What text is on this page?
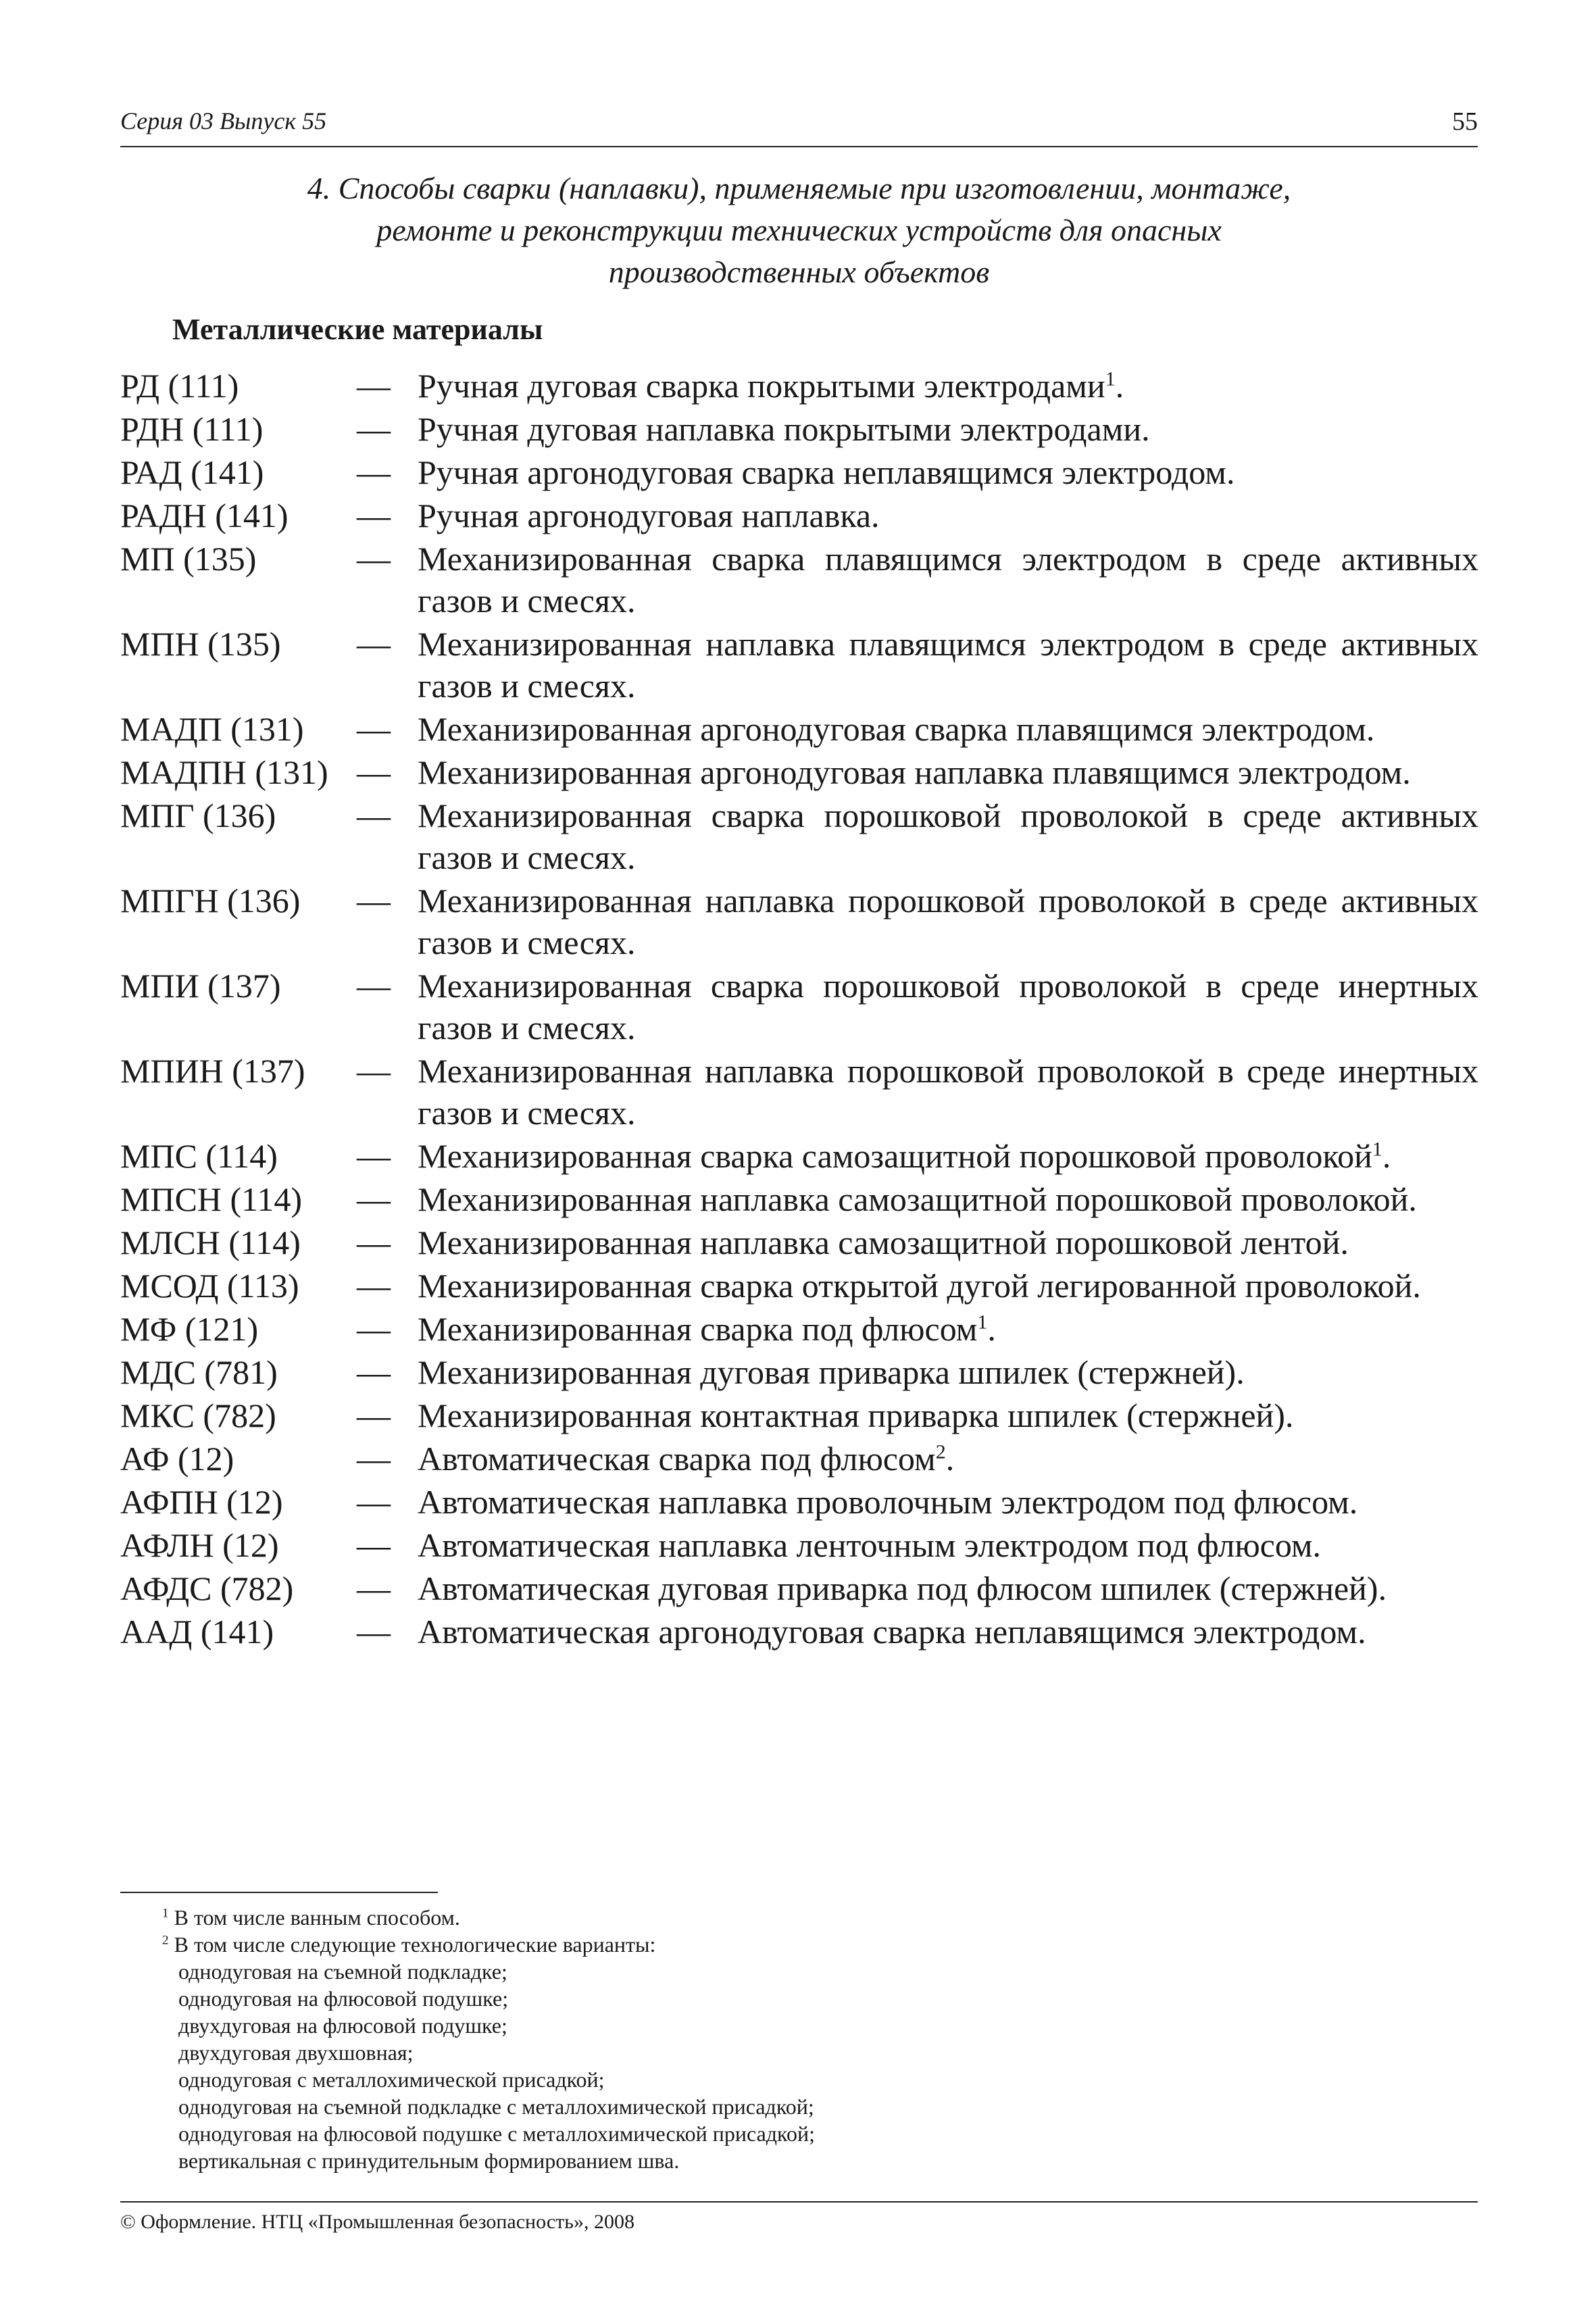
Серия 03 Выпуск 55	55
4. Способы сварки (наплавки), применяемые при изготовлении, монтаже,
ремонте и реконструкции технических устройств для опасных
производственных объектов
Металлические материалы
РД (111)	— Ручная дуговая сварка покрытыми электродами$^1$.
РДН (111)	— Ручная дуговая наплавка покрытыми электродами.
РАД (141)	— Ручная аргонодуговая сварка неплавящимся электродом.
РАДН (141) — Ручная аргонодуговая наплавка.
МП (135)	— Механизированная сварка плавящимся электродом в среде активных газов и смесях.
МПН (135) — Механизированная наплавка плавящимся электродом в среде активных газов и смесях.
МАДП (131) — Механизированная аргонодуговая сварка плавящимся электродом.
МАДПН (131) — Механизированная аргонодуговая наплавка плавящимся электродом.
МПГ (136) — Механизированная сварка порошковой проволокой в среде активных газов и смесях.
МПГН (136) — Механизированная наплавка порошковой проволокой в среде активных газов и смесях.
МПИ (137) — Механизированная сварка порошковой проволокой в среде инертных газов и смесях.
МПИН (137) — Механизированная наплавка порошковой проволокой в среде инертных газов и смесях.
МПС (114) — Механизированная сварка самозащитной порошковой проволокой$^1$.
МПСН (114) — Механизированная наплавка самозащитной порошковой проволокой.
МЛСН (114) — Механизированная наплавка самозащитной порошковой лентой.
МСОД (113) — Механизированная сварка открытой дугой легированной проволокой.
МФ (121)	— Механизированная сварка под флюсом$^1$.
МДС (781) — Механизированная дуговая приварка шпилек (стержней).
МКС (782) — Механизированная контактная приварка шпилек (стержней).
АФ (12)	— Автоматическая сварка под флюсом$^2$.
АФПН (12) — Автоматическая наплавка проволочным электродом под флюсом.
АФЛН (12) — Автоматическая наплавка ленточным электродом под флюсом.
АФДС (782) — Автоматическая дуговая приварка под флюсом шпилек (стержней).
ААД (141) — Автоматическая аргонодуговая сварка неплавящимся электродом.
$^1$ В том числе ванным способом.
$^2$ В том числе следующие технологические варианты:
однодуговая на съемной подкладке;
однодуговая на флюсовой подушке;
двухдуговая на флюсовой подушке;
двухдуговая двухшовная;
однодуговая с металлохимической присадкой;
однодуговая на съемной подкладке с металлохимической присадкой;
однодуговая на флюсовой подушке с металлохимической присадкой;
вертикальная с принудительным формированием шва.
© Оформление. НТЦ «Промышленная безопасность», 2008
